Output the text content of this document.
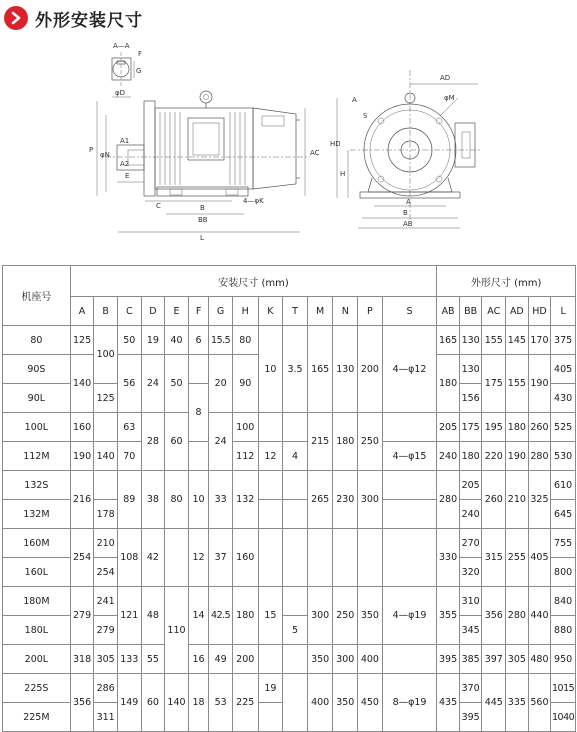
外形安装尺寸
A—A
F
G
φD
P
φN
A1
A2
E
C	B
BB
L
4—φK
AC
AD
φM
S
A
H
HD
A
B
AB
机座号	安装尺寸 (mm)														外形尺寸 (mm)					
	A	B	C	D	E	F	G	H	K	T	M	N	P	S	AB	BB	AC	AD	HD	L
80	125	100	50	19	40	6	15.5	80	10	3.5	165	130	200	4—φ12	165	130	155	145	170	375
90S	140		56	24	50		20	90							180	130	175	155	190	405
90L		125				8										156				430
100L	160		63	28	60		24	100			215	180	250		205	175	195	180	260	525
112M	190	140	70					112	12	4				4—φ15	240	180	220	190	280	530
132S	216		89	38	80	10	33	132			265	230	300		280	205	260	210	325	610
132M		178														240				645
160M	254	210	108	42		12	37	160							330	270	315	255	405	755
160L		254														320				800
180M	279	241	121	48	110	14	42.5	180	15		300	250	350	4—φ19	355	310	356	280	440	840
180L		279								5						345				880
200L	318	305	133	55		16	49	200			350	300	400		395	385	397	305	480	950
225S	356	286	149	60	140	18	53	225	19		400	350	450	8—φ19	435	370	445	335	560	1015
225M		311														395				1040
